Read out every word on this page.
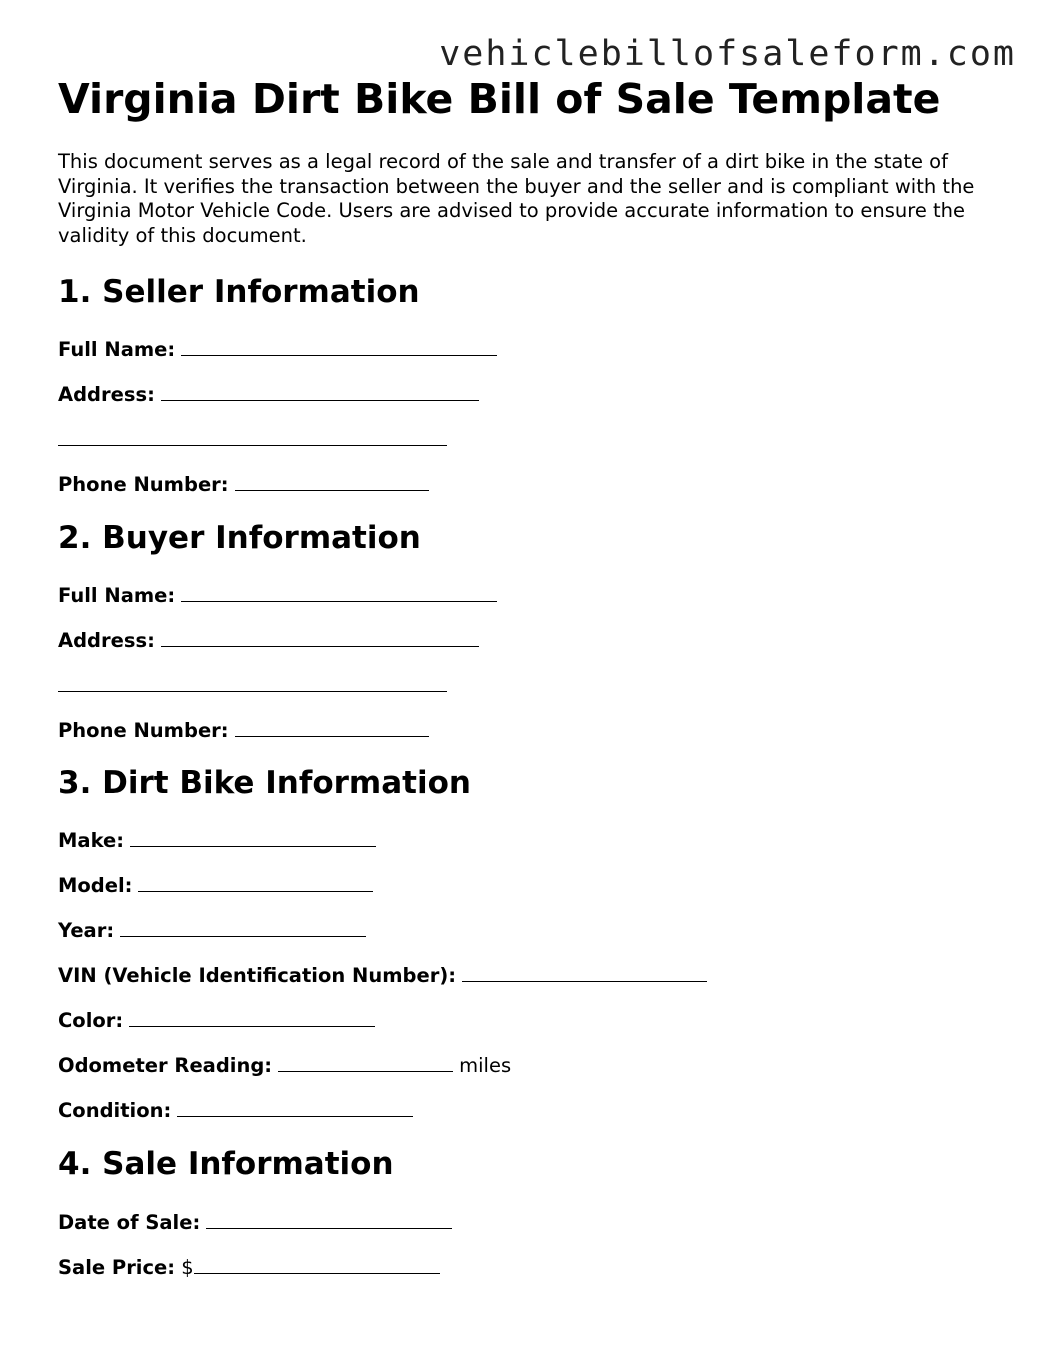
vehiclebillofsaleform.com
Virginia Dirt Bike Bill of Sale Template

This document serves as a legal record of the sale and transfer of a dirt bike in the state of Virginia. It verifies the transaction between the buyer and the seller and is compliant with the Virginia Motor Vehicle Code. Users are advised to provide accurate information to ensure the validity of this document.

1. Seller Information
Full Name:
Address:
Phone Number:
2. Buyer Information
Full Name:
Address:
Phone Number:
3. Dirt Bike Information
Make:
Model:
Year:
VIN (Vehicle Identification Number):
Color:
Odometer Reading:	miles
Condition:
4. Sale Information
Date of Sale:
Sale Price: $
